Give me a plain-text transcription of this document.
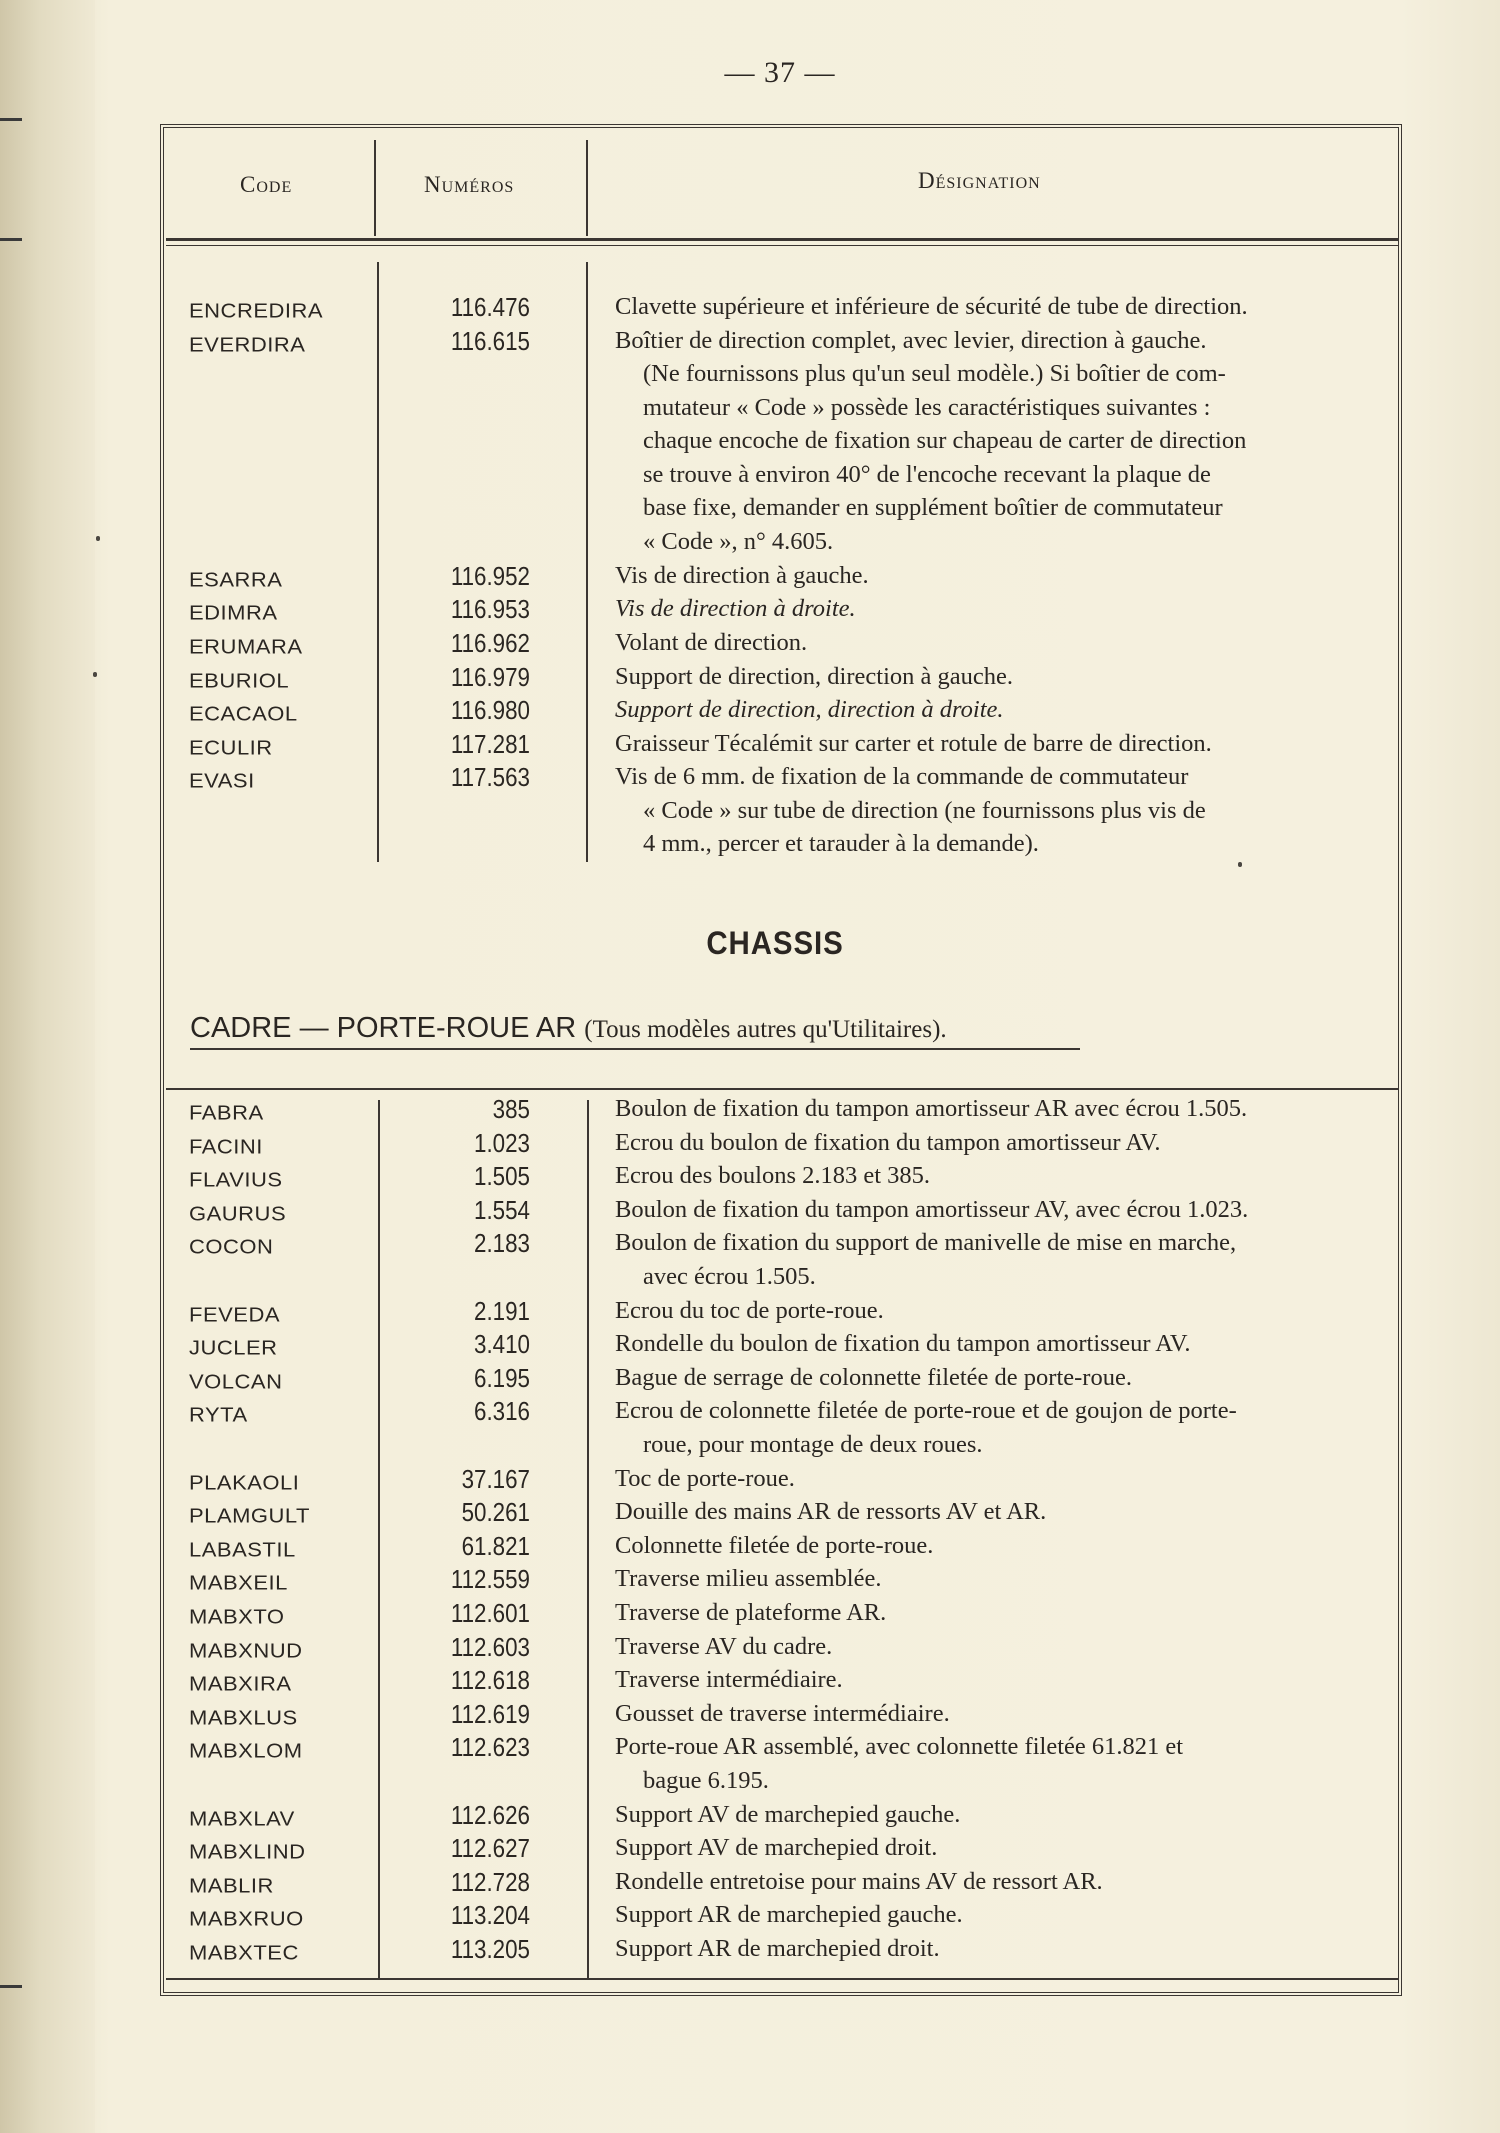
— 37 —
Code	Numéros	Désignation
ENCREDIRA	116.476	Clavette supérieure et inférieure de sécurité de tube de direction.
EVERDIRA	116.615	Boîtier de direction complet, avec levier, direction à gauche.
(Ne fournissons plus qu'un seul modèle.) Si boîtier de com-
mutateur « Code » possède les caractéristiques suivantes :
chaque encoche de fixation sur chapeau de carter de direction
se trouve à environ 40° de l'encoche recevant la plaque de
base fixe, demander en supplément boîtier de commutateur
« Code », n° 4.605.
ESARRA	116.952	Vis de direction à gauche.
EDIMRA	116.953	Vis de direction à droite.
ERUMARA	116.962	Volant de direction.
EBURIOL	116.979	Support de direction, direction à gauche.
ECACAOL	116.980	Support de direction, direction à droite.
ECULIR	117.281	Graisseur Técalémit sur carter et rotule de barre de direction.
EVASI	117.563	Vis de 6 mm. de fixation de la commande de commutateur
« Code » sur tube de direction (ne fournissons plus vis de
4 mm., percer et tarauder à la demande).
CHASSIS
CADRE — PORTE-ROUE AR (Tous modèles autres qu'Utilitaires).
FABRA	385	Boulon de fixation du tampon amortisseur AR avec écrou 1.505.
FACINI	1.023	Ecrou du boulon de fixation du tampon amortisseur AV.
FLAVIUS	1.505	Ecrou des boulons 2.183 et 385.
GAURUS	1.554	Boulon de fixation du tampon amortisseur AV, avec écrou 1.023.
COCON	2.183	Boulon de fixation du support de manivelle de mise en marche,
avec écrou 1.505.
FEVEDA	2.191	Ecrou du toc de porte-roue.
JUCLER	3.410	Rondelle du boulon de fixation du tampon amortisseur AV.
VOLCAN	6.195	Bague de serrage de colonnette filetée de porte-roue.
RYTA	6.316	Ecrou de colonnette filetée de porte-roue et de goujon de porte-
roue, pour montage de deux roues.
PLAKAOLI	37.167	Toc de porte-roue.
PLAMGULT	50.261	Douille des mains AR de ressorts AV et AR.
LABASTIL	61.821	Colonnette filetée de porte-roue.
MABXEIL	112.559	Traverse milieu assemblée.
MABXTO	112.601	Traverse de plateforme AR.
MABXNUD	112.603	Traverse AV du cadre.
MABXIRA	112.618	Traverse intermédiaire.
MABXLUS	112.619	Gousset de traverse intermédiaire.
MABXLOM	112.623	Porte-roue AR assemblé, avec colonnette filetée 61.821 et
bague 6.195.
MABXLAV	112.626	Support AV de marchepied gauche.
MABXLIND	112.627	Support AV de marchepied droit.
MABLIR	112.728	Rondelle entretoise pour mains AV de ressort AR.
MABXRUO	113.204	Support AR de marchepied gauche.
MABXTEC	113.205	Support AR de marchepied droit.
